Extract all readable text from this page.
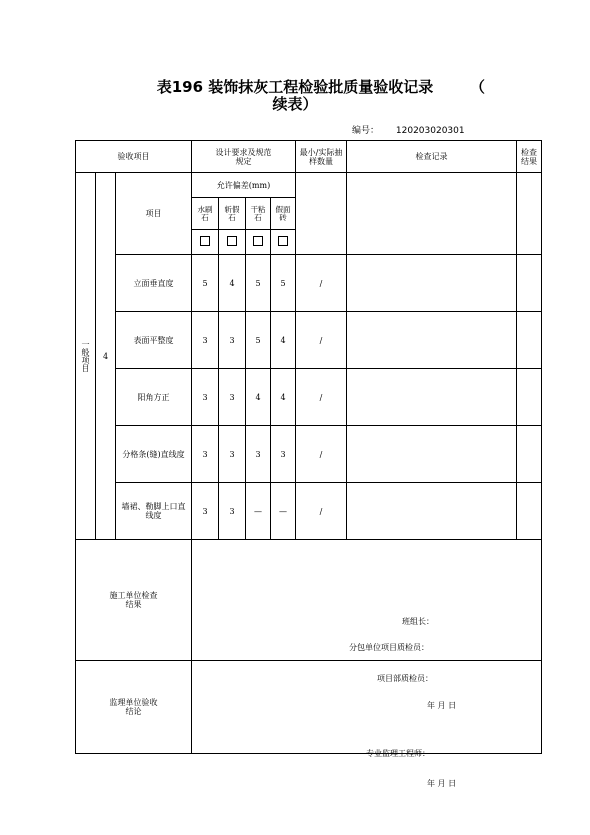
表196 装饰抹灰工程检验批质量验收记录 （
续表）
编号： 120203020301
验收项目			设计要求及规范规定				最小/实际抽样数量	检查记录	检查结果

一般项目	4	项目	允许偏差(mm)						

			水刷石	斩假石	干粘石	假面砖			

		立面垂直度	5	4	5	5	/		
		表面平整度	3	3	5	4	/		
		阳角方正	3	3	4	4	/		
		分格条(缝)直线度	3	3	3	3	/		

		墙裙、勒脚上口直线度	3	3	—	—	/		

施工单位检查结果			班组长：
分包单位项目质检员：
项目部质检员：
年 月 日						

监理单位验收结论			专业监理工程师：
年 月 日						
